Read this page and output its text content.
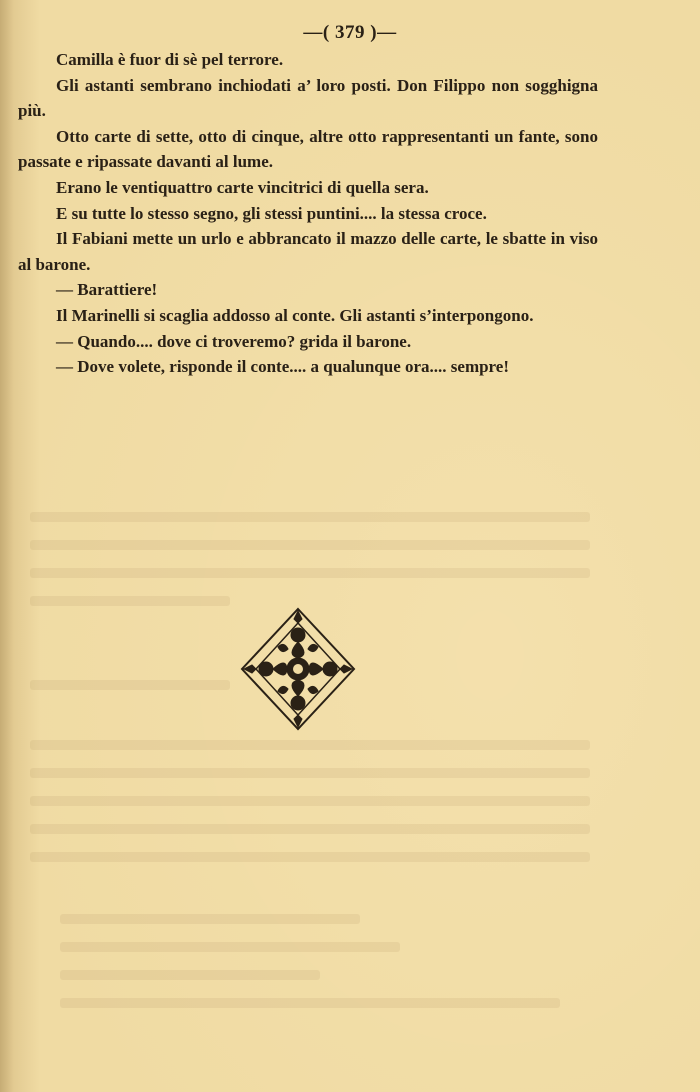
—( 379 )—

Camilla è fuor di sè pel terrore.

Gli astanti sembrano inchiodati a’ loro posti. Don Filippo non sogghigna più.

Otto carte di sette, otto di cinque, altre otto rappresentanti un fante, sono passate e ripassate davanti al lume.

Erano le ventiquattro carte vincitrici di quella sera.

E su tutte lo stesso segno, gli stessi puntini.... la stessa croce.

Il Fabiani mette un urlo e abbrancato il mazzo delle carte, le sbatte in viso al barone.

— Barattiere!

Il Marinelli si scaglia addosso al conte. Gli astanti s’interpongono.

— Quando.... dove ci troveremo? grida il barone.

— Dove volete, risponde il conte.... a qualunque ora.... sempre!
